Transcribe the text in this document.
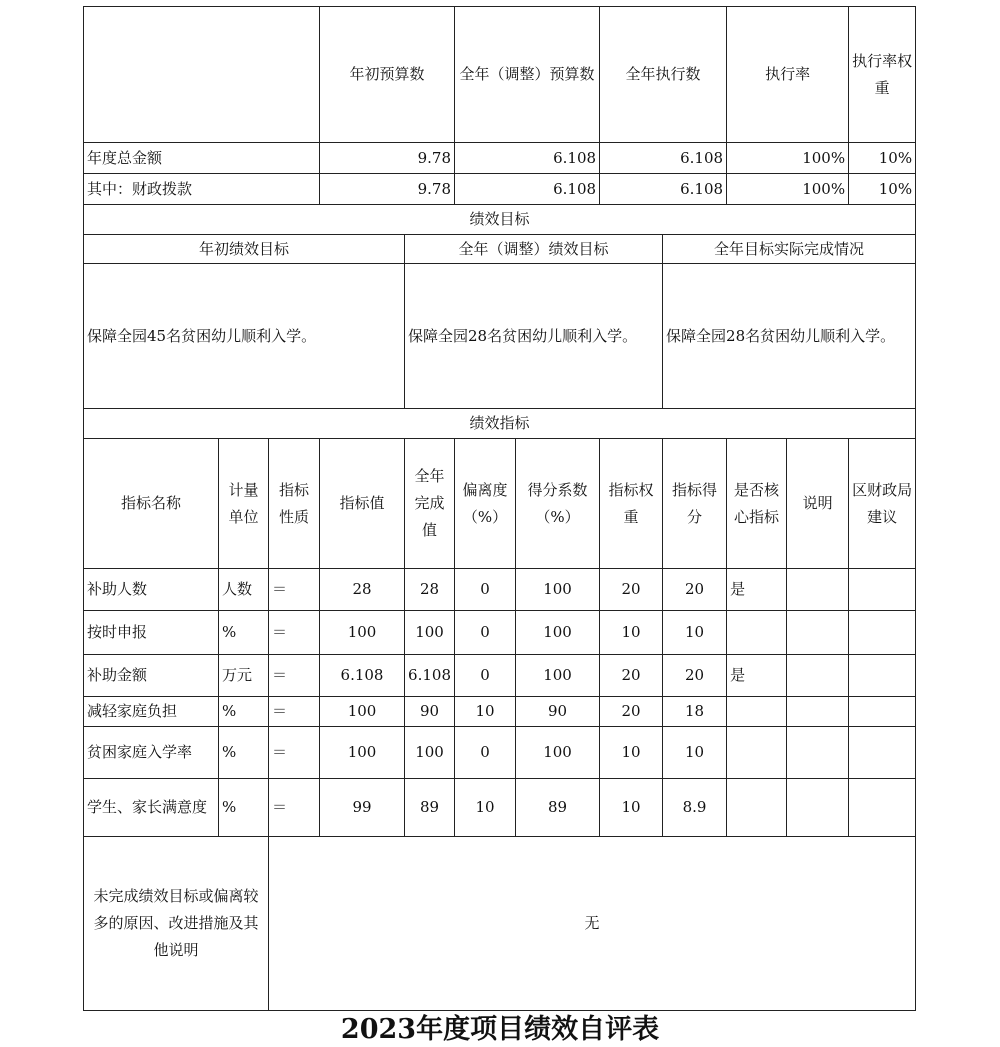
			年初预算数		全年（调整）预算数		全年执行数		执行率		执行率权重	
年度总金额			9.78		6.108		6.108		100%		10%	
其中：财政拨款			9.78		6.108		6.108		100%		10%	
绩效目标												
年初绩效目标				全年（调整）绩效目标				全年目标实际完成情况				
保障全园45名贫困幼儿顺利入学。				保障全园28名贫困幼儿顺利入学。				保障全园28名贫困幼儿顺利入学。				
绩效指标												
指标名称	计量单位	指标性质	指标值	全年完成值	偏离度（%）	得分系数（%）	指标权重	指标得分	是否核心指标	说明	区财政局建议	
补助人数	人数	＝	28	28	0	100	20	20	是			
按时申报	%	＝	100	100	0	100	10	10				
补助金额	万元	＝	6.108	6.108	0	100	20	20	是			
减轻家庭负担	%	＝	100	90	10	90	20	18				
贫困家庭入学率	%	＝	100	100	0	100	10	10				
学生、家长满意度	%	＝	99	89	10	89	10	8.9				
未完成绩效目标或偏离较多的原因、改进措施及其他说明		无										
2023年度项目绩效自评表
